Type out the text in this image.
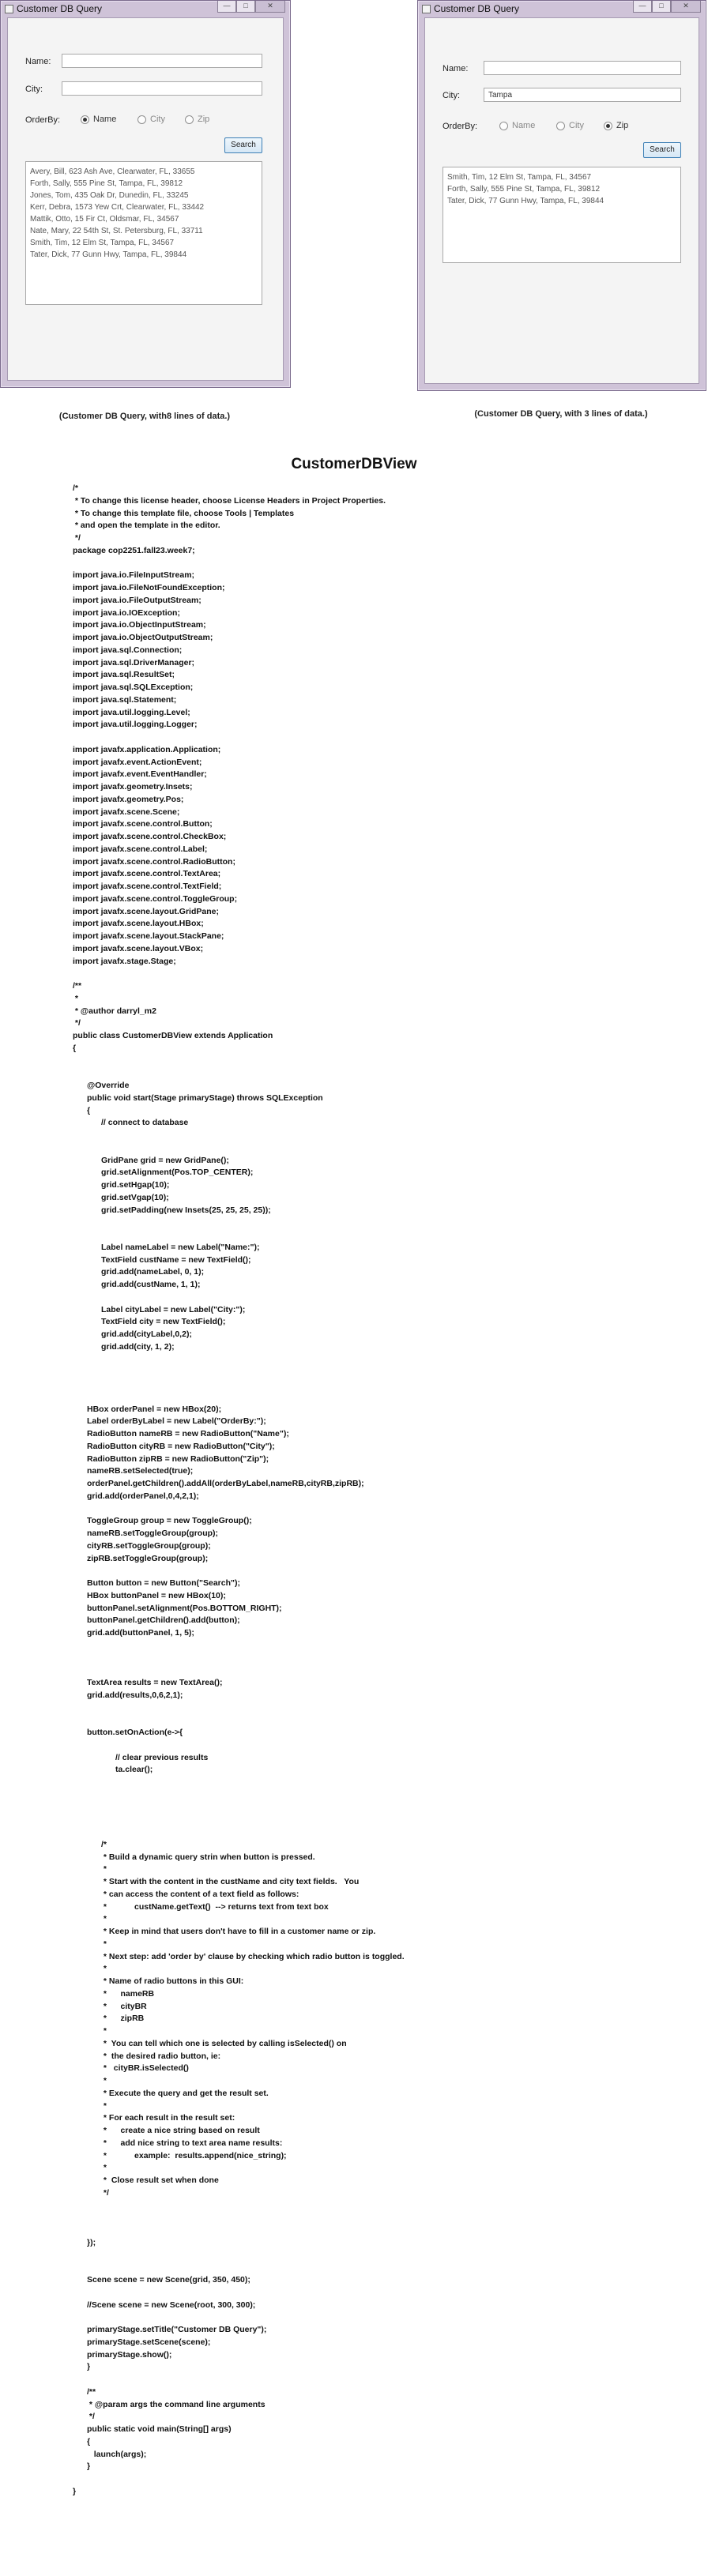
Customer DB Query	—	□	✕
Name:
City:
OrderBy:	Name	City	Zip
Search
Avery, Bill, 623 Ash Ave, Clearwater, FL, 33655
Forth, Sally, 555 Pine St, Tampa, FL, 39812
Jones, Tom, 435 Oak Dr, Dunedin, FL, 33245
Kerr, Debra, 1573 Yew Crt, Clearwater, FL, 33442
Mattik, Otto, 15 Fir Ct, Oldsmar, FL, 34567
Nate, Mary, 22 54th St, St. Petersburg, FL, 33711
Smith, Tim, 12 Elm St, Tampa, FL, 34567
Tater, Dick, 77 Gunn Hwy, Tampa, FL, 39844
Customer DB Query	—	□	✕
Name:
City:	Tampa
OrderBy:	Name	City	Zip
Search
Smith, Tim, 12 Elm St, Tampa, FL, 34567
Forth, Sally, 555 Pine St, Tampa, FL, 39812
Tater, Dick, 77 Gunn Hwy, Tampa, FL, 39844
(Customer DB Query, with8 lines of data.)	(Customer DB Query, with 3 lines of data.)
CustomerDBView
/*
* To change this license header, choose License Headers in Project Properties.
* To change this template file, choose Tools | Templates
* and open the template in the editor.
*/
package cop2251.fall23.week7;
import java.io.FileInputStream;
import java.io.FileNotFoundException;
import java.io.FileOutputStream;
import java.io.IOException;
import java.io.ObjectInputStream;
import java.io.ObjectOutputStream;
import java.sql.Connection;
import java.sql.DriverManager;
import java.sql.ResultSet;
import java.sql.SQLException;
import java.sql.Statement;
import java.util.logging.Level;
import java.util.logging.Logger;
import javafx.application.Application;
import javafx.event.ActionEvent;
import javafx.event.EventHandler;
import javafx.geometry.Insets;
import javafx.geometry.Pos;
import javafx.scene.Scene;
import javafx.scene.control.Button;
import javafx.scene.control.CheckBox;
import javafx.scene.control.Label;
import javafx.scene.control.RadioButton;
import javafx.scene.control.TextArea;
import javafx.scene.control.TextField;
import javafx.scene.control.ToggleGroup;
import javafx.scene.layout.GridPane;
import javafx.scene.layout.HBox;
import javafx.scene.layout.StackPane;
import javafx.scene.layout.VBox;
import javafx.stage.Stage;
/**
*
* @author darryl_m2
*/
public class CustomerDBView extends Application
{
@Override
public void start(Stage primaryStage) throws SQLException
{
// connect to database
GridPane grid = new GridPane();
grid.setAlignment(Pos.TOP_CENTER);
grid.setHgap(10);
grid.setVgap(10);
grid.setPadding(new Insets(25, 25, 25, 25));
Label nameLabel = new Label("Name:");
TextField custName = new TextField();
grid.add(nameLabel, 0, 1);
grid.add(custName, 1, 1);
Label cityLabel = new Label("City:");
TextField city = new TextField();
grid.add(cityLabel,0,2);
grid.add(city, 1, 2);
HBox orderPanel = new HBox(20);
Label orderByLabel = new Label("OrderBy:");
RadioButton nameRB = new RadioButton("Name");
RadioButton cityRB = new RadioButton("City");
RadioButton zipRB = new RadioButton("Zip");
nameRB.setSelected(true);
orderPanel.getChildren().addAll(orderByLabel,nameRB,cityRB,zipRB);
grid.add(orderPanel,0,4,2,1);
ToggleGroup group = new ToggleGroup();
nameRB.setToggleGroup(group);
cityRB.setToggleGroup(group);
zipRB.setToggleGroup(group);
Button button = new Button("Search");
HBox buttonPanel = new HBox(10);
buttonPanel.setAlignment(Pos.BOTTOM_RIGHT);
buttonPanel.getChildren().add(button);
grid.add(buttonPanel, 1, 5);
TextArea results = new TextArea();
grid.add(results,0,6,2,1);
button.setOnAction(e->{
// clear previous results
ta.clear();
/*
* Build a dynamic query strin when button is pressed.
*
* Start with the content in the custName and city text fields.   You
* can access the content of a text field as follows:
*            custName.getText()  --> returns text from text box
*
* Keep in mind that users don't have to fill in a customer name or zip.
*
* Next step: add 'order by' clause by checking which radio button is toggled.
*
* Name of radio buttons in this GUI:
*      nameRB
*      cityBR
*      zipRB
*
*  You can tell which one is selected by calling isSelected() on
*  the desired radio button, ie:
*   cityBR.isSelected()
*
* Execute the query and get the result set.
*
* For each result in the result set:
*      create a nice string based on result
*      add nice string to text area name results:
*            example:  results.append(nice_string);
*
*  Close result set when done
*/
});
Scene scene = new Scene(grid, 350, 450);
//Scene scene = new Scene(root, 300, 300);
primaryStage.setTitle("Customer DB Query");
primaryStage.setScene(scene);
primaryStage.show();
}
/**
* @param args the command line arguments
*/
public static void main(String[] args)
{
launch(args);
}
}
